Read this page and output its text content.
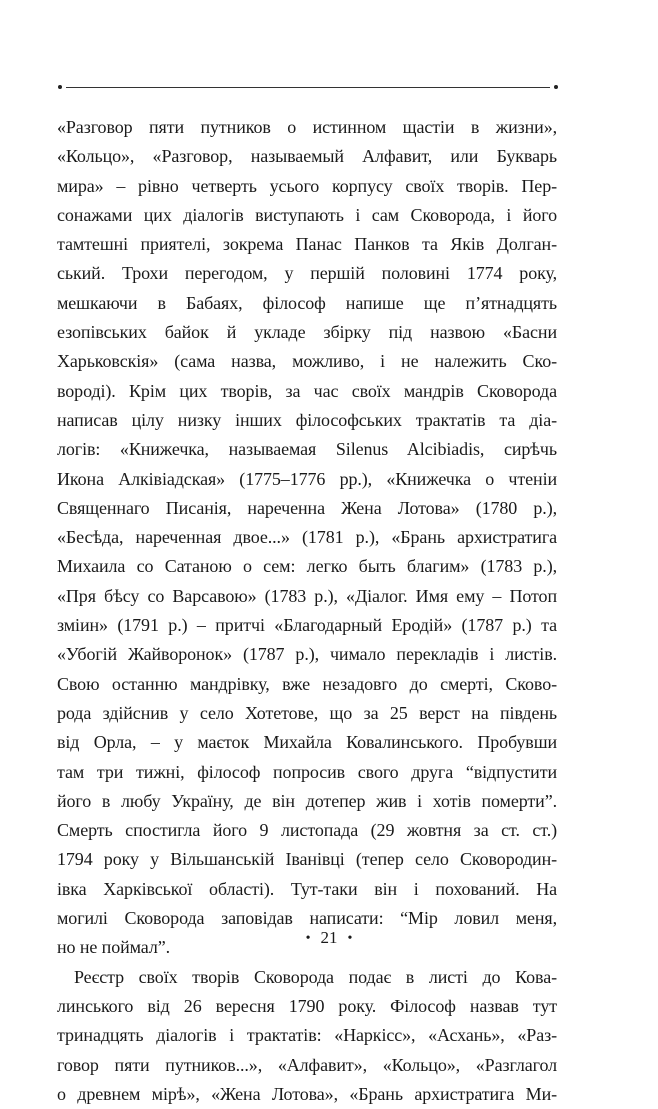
«Разговор пяти путников о истинном щастіи в жизни»,
«Кольцо», «Разговор, называемый Алфавит, или Букварь
мира» – рівно четверть усього корпусу своїх творів. Пер-
сонажами цих діалогів виступають і сам Сковорода, і його
тамтешні приятелі, зокрема Панас Панков та Яків Долган-
ський. Трохи перегодом, у першій половині 1774 року,
мешкаючи в Бабаях, філософ напише ще п’ятнадцять
езопівських байок й укладе збірку під назвою «Басни
Харьковскія» (сама назва, можливо, і не належить Ско-
вороді). Крім цих творів, за час своїх мандрів Сковорода
написав цілу низку інших філософських трактатів та діа-
логів: «Книжечка, называемая Silenus Alcibiadis, сирѣчь
Икона Алківіадская» (1775–1776 рр.), «Книжечка о чтеніи
Священнаго Писанія, нареченна Жена Лотова» (1780 р.),
«Бесѣда, нареченная двое...» (1781 р.), «Брань архистратига
Михаила со Сатаною о сем: легко быть благим» (1783 р.),
«Пря бѣсу со Варсавою» (1783 р.), «Діалог. Имя ему – Потоп
зміин» (1791 р.) – притчі «Благодарный Еродій» (1787 р.) та
«Убогій Жайворонок» (1787 р.), чимало перекладів і листів.
Свою останню мандрівку, вже незадовго до смерті, Сково-
рода здійснив у село Хотетове, що за 25 верст на південь
від Орла, – у маєток Михайла Ковалинського. Пробувши
там три тижні, філософ попросив свого друга “відпустити
його в любу Україну, де він дотепер жив і хотів померти”.
Смерть спостигла його 9 листопада (29 жовтня за ст. ст.)
1794 року у Вільшанській Іванівці (тепер село Сковородин-
івка Харківської області). Тут-таки він і похований. На
могилі Сковорода заповідав написати: “Мір ловил меня,
но не поймал”.
Реєстр своїх творів Сковорода подає в листі до Кова-
линського від 26 вересня 1790 року. Філософ назвав тут
тринадцять діалогів і трактатів: «Наркісс», «Асхань», «Раз-
говор пяти путников...», «Алфавит», «Кольцо», «Разглагол
о древнем мірѣ», «Жена Лотова», «Брань архистратига Ми-
• 21 •
